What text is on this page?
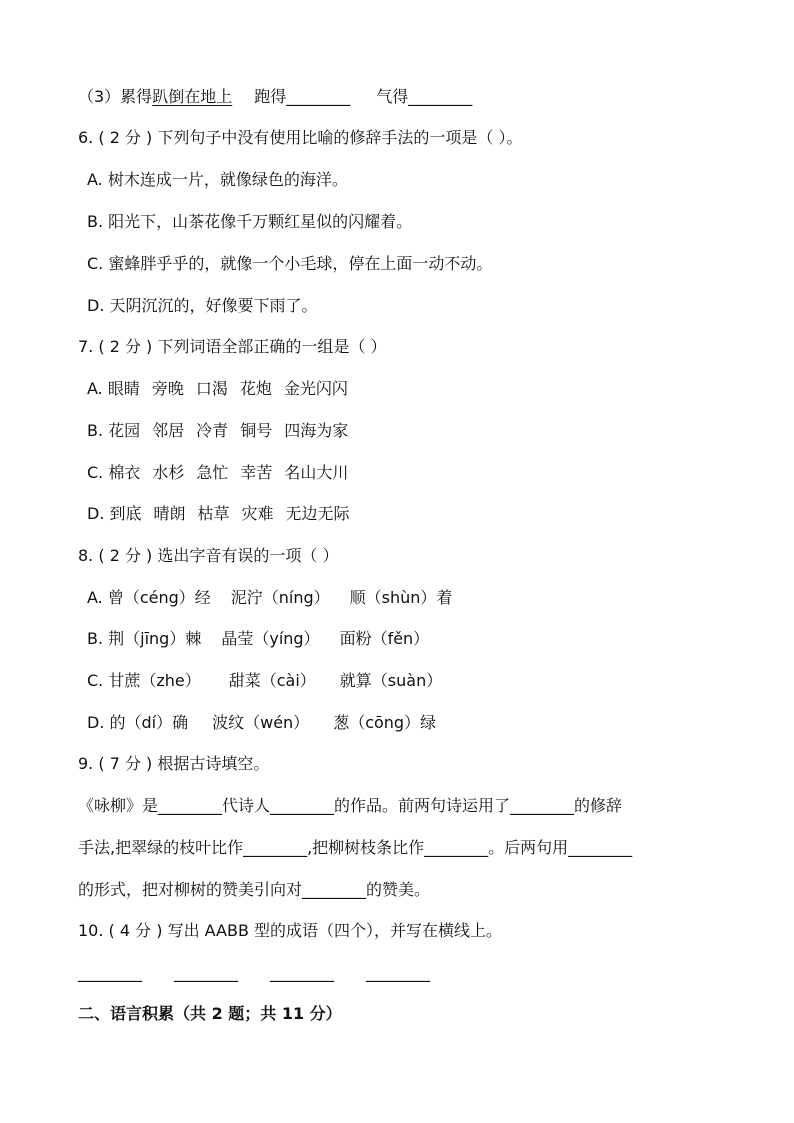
（3）累得趴倒在地上 跑得________ 气得________
6. ( 2 分 ) 下列句子中没有使用比喻的修辞手法的一项是（ ）。
A. 树木连成一片，就像绿色的海洋。
B. 阳光下，山茶花像千万颗红星似的闪耀着。
C. 蜜蜂胖乎乎的，就像一个小毛球，停在上面一动不动。
D. 天阴沉沉的，好像要下雨了。
7. ( 2 分 ) 下列词语全部正确的一组是（ ）
A. 眼睛 旁晚 口渴 花炮 金光闪闪
B. 花园 邻居 冷青 铜号 四海为家
C. 棉衣 水杉 急忙 幸苦 名山大川
D. 到底 晴朗 枯草 灾难 无边无际
8. ( 2 分 ) 选出字音有误的一项（ ）
A. 曾（céng）经 泥泞（níng） 顺（shùn）着
B. 荆（jīng）棘 晶莹（yíng） 面粉（fěn）
C. 甘蔗（zhe） 甜菜（cài） 就算（suàn）
D. 的（dí）确 波纹（wén） 葱（cōng）绿
9. ( 7 分 ) 根据古诗填空。
《咏柳》是________代诗人________的作品。前两句诗运用了________的修辞
手法,把翠绿的枝叶比作________,把柳树枝条比作________。后两句用________
的形式，把对柳树的赞美引向对________的赞美。
10. ( 4 分 ) 写出 AABB 型的成语（四个），并写在横线上。
________ ________ ________ ________
二、语言积累（共 2 题；共 11 分）
